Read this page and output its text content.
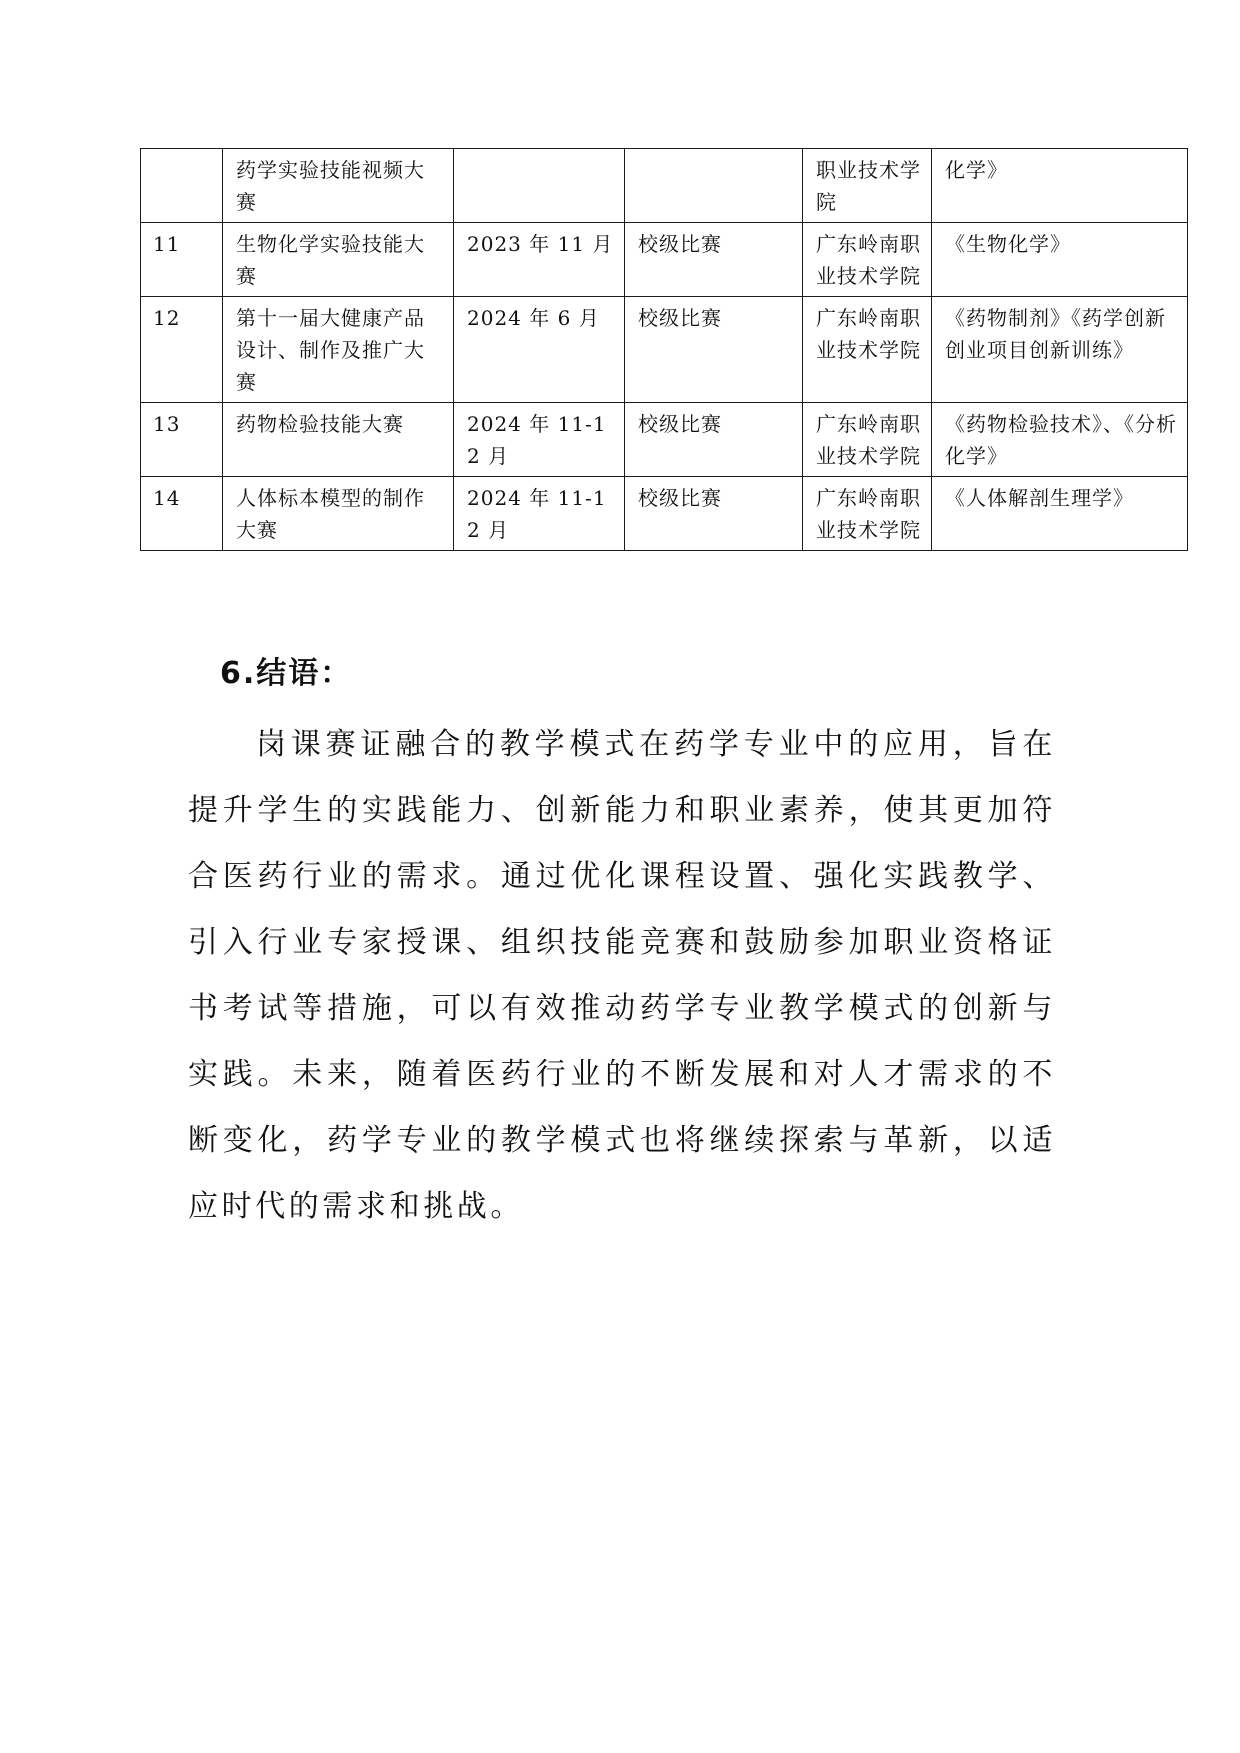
	药学实验技能视频大赛			职业技术学院	化学》
11	生物化学实验技能大赛	2023 年 11 月	校级比赛	广东岭南职业技术学院	《生物化学》
12	第十一届大健康产品设计、制作及推广大赛	2024 年 6 月	校级比赛	广东岭南职业技术学院	《药物制剂》《药学创新创业项目创新训练》
13	药物检验技能大赛	2024 年 11-12 月	校级比赛	广东岭南职业技术学院	《药物检验技术》、《分析化学》
14	人体标本模型的制作大赛	2024 年 11-12 月	校级比赛	广东岭南职业技术学院	《人体解剖生理学》
6.结语：

岗课赛证融合的教学模式在药学专业中的应用，旨在提升学生的实践能力、创新能力和职业素养，使其更加符合医药行业的需求。通过优化课程设置、强化实践教学、引入行业专家授课、组织技能竞赛和鼓励参加职业资格证书考试等措施，可以有效推动药学专业教学模式的创新与实践。未来，随着医药行业的不断发展和对人才需求的不断变化，药学专业的教学模式也将继续探索与革新，以适应时代的需求和挑战。
